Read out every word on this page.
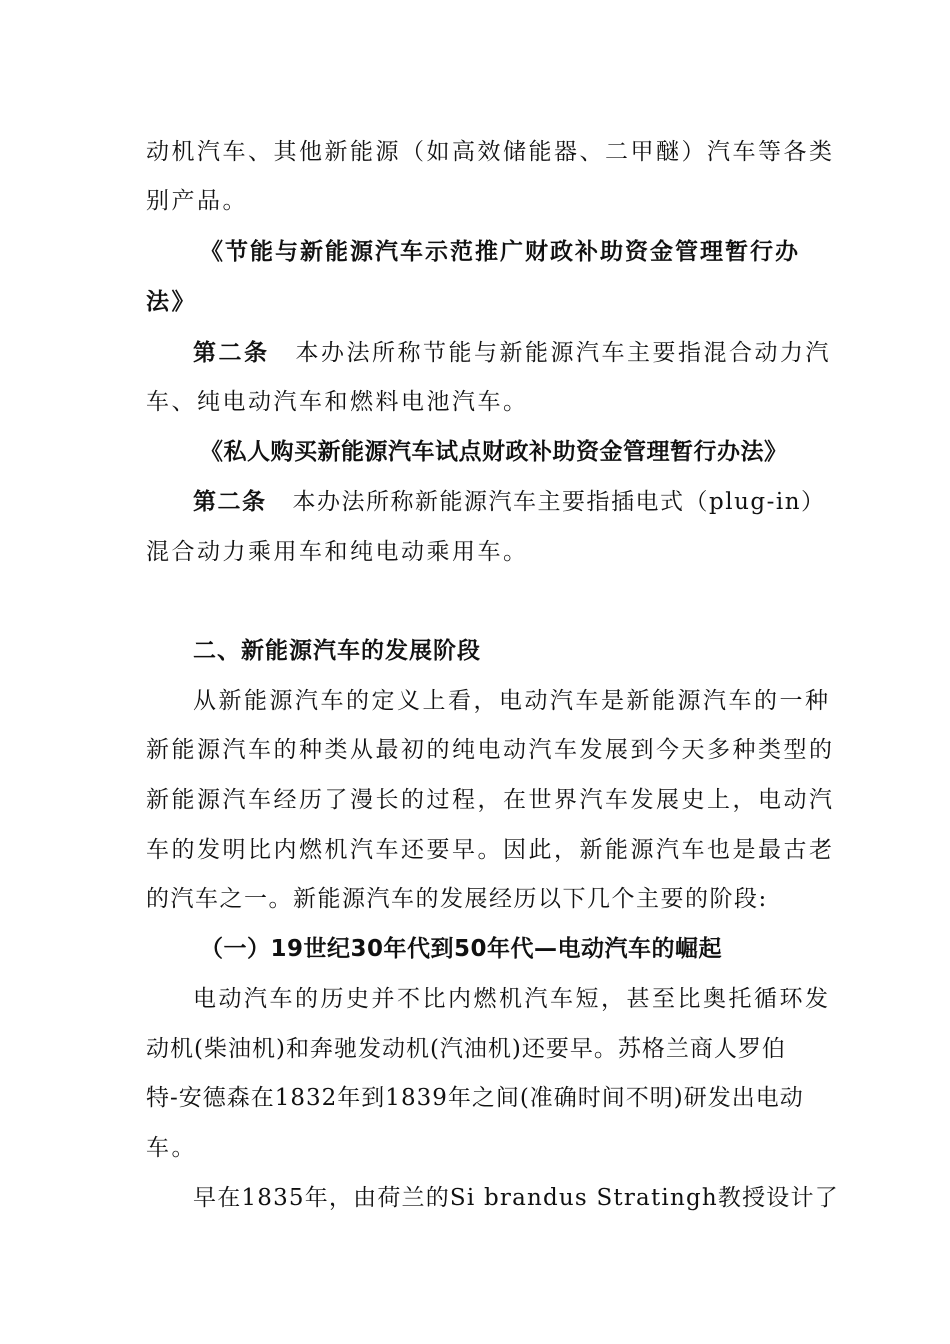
动机汽车、其他新能源（如高效储能器、二甲醚）汽车等各类
别产品。
《节能与新能源汽车示范推广财政补助资金管理暂行办
法》
第二条 本办法所称节能与新能源汽车主要指混合动力汽
车、纯电动汽车和燃料电池汽车。
《私人购买新能源汽车试点财政补助资金管理暂行办法》
第二条 本办法所称新能源汽车主要指插电式（plug-in）
混合动力乘用车和纯电动乘用车。
二、新能源汽车的发展阶段
从新能源汽车的定义上看，电动汽车是新能源汽车的一种
新能源汽车的种类从最初的纯电动汽车发展到今天多种类型的
新能源汽车经历了漫长的过程，在世界汽车发展史上，电动汽
车的发明比内燃机汽车还要早。因此，新能源汽车也是最古老
的汽车之一。新能源汽车的发展经历以下几个主要的阶段:
（一）19世纪30年代到50年代—电动汽车的崛起
电动汽车的历史并不比内燃机汽车短，甚至比奥托循环发
动机(柴油机)和奔驰发动机(汽油机)还要早。苏格兰商人罗伯
特-安德森在1832年到1839年之间(准确时间不明)研发出电动
车。
早在1835年，由荷兰的Si brandus Stratingh教授设计了
